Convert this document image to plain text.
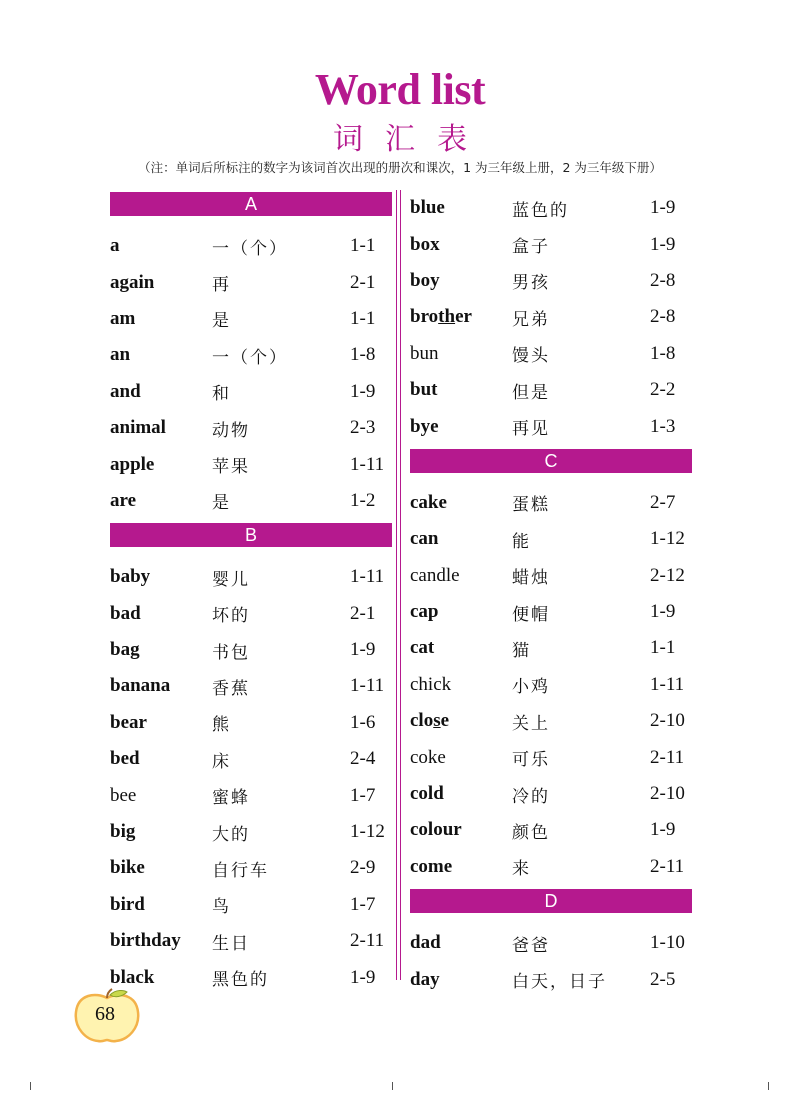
Word list
词汇表
（注：单词后所标注的数字为该词首次出现的册次和课次，1 为三年级上册，2 为三年级下册）
A
a	一（个）	1-1
again	再	2-1
am	是	1-1
an	一（个）	1-8
and	和	1-9
animal	动物	2-3
apple	苹果	1-11
are	是	1-2
B
baby	婴儿	1-11
bad	坏的	2-1
bag	书包	1-9
banana	香蕉	1-11
bear	熊	1-6
bed	床	2-4
bee	蜜蜂	1-7
big	大的	1-12
bike	自行车	2-9
bird	鸟	1-7
birthday	生日	2-11
black	黑色的	1-9
blue	蓝色的	1-9
box	盒子	1-9
boy	男孩	2-8
brother	兄弟	2-8
bun	馒头	1-8
but	但是	2-2
bye	再见	1-3
C
cake	蛋糕	2-7
can	能	1-12
candle	蜡烛	2-12
cap	便帽	1-9
cat	猫	1-1
chick	小鸡	1-11
close	关上	2-10
coke	可乐	2-11
cold	冷的	2-10
colour	颜色	1-9
come	来	2-11
D
dad	爸爸	1-10
day	白天，日子	2-5
68
